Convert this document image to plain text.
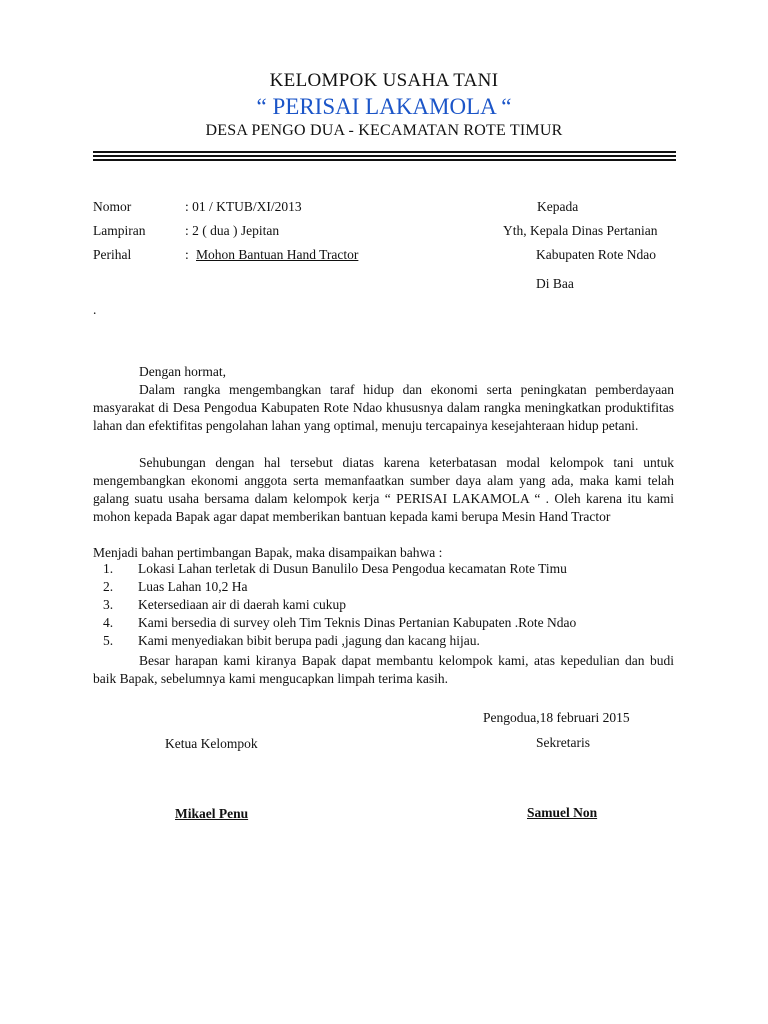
KELOMPOK USAHA TANI
“ PERISAI LAKAMOLA “
DESA PENGO DUA - KECAMATAN ROTE TIMUR
Nomor	: 01 / KTUB/XI/2013
Lampiran	: 2 ( dua ) Jepitan
Perihal	: Mohon Bantuan Hand Tractor
.
Kepada
Yth, Kepala Dinas Pertanian
Kabupaten Rote Ndao
Di Baa
Dengan hormat,

Dalam rangka mengembangkan taraf hidup dan ekonomi serta peningkatan pemberdayaan masyarakat di Desa Pengodua Kabupaten Rote Ndao khususnya dalam rangka meningkatkan produktifitas lahan dan efektifitas pengolahan lahan yang optimal, menuju tercapainya kesejahteraan hidup petani.

Sehubungan dengan hal tersebut diatas karena keterbatasan modal kelompok tani untuk mengembangkan ekonomi anggota serta memanfaatkan sumber daya alam yang ada, maka kami telah galang suatu usaha bersama dalam kelompok kerja “ PERISAI LAKAMOLA “ . Oleh karena itu kami mohon kepada Bapak agar dapat memberikan bantuan kepada kami berupa Mesin Hand Tractor

Menjadi bahan pertimbangan Bapak, maka disampaikan bahwa :
1. Lokasi Lahan terletak di Dusun Banulilo Desa Pengodua kecamatan Rote Timu
2. Luas Lahan 10,2 Ha
3. Ketersediaan air di daerah kami cukup
4. Kami bersedia di survey oleh Tim Teknis Dinas Pertanian Kabupaten .Rote Ndao
5. Kami menyediakan bibit berupa padi ,jagung dan kacang hijau.

Besar harapan kami kiranya Bapak dapat membantu kelompok kami, atas kepedulian dan budi baik Bapak, sebelumnya kami mengucapkan limpah terima kasih.

Pengodua,18 februari 2015
Ketua Kelompok	Sekretaris
Mikael Penu	Samuel Non
